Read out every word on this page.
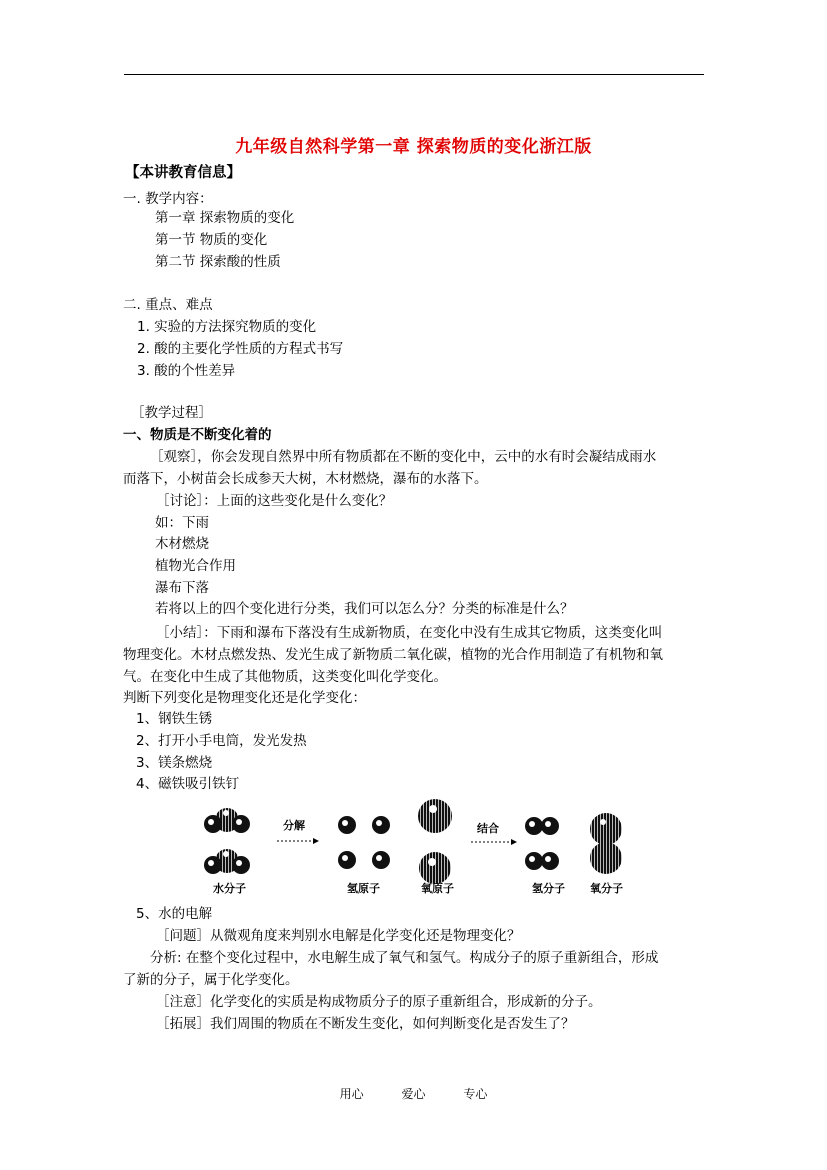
九年级自然科学第一章 探索物质的变化浙江版
【本讲教育信息】
一. 教学内容：
第一章 探索物质的变化
第一节 物质的变化
第二节 探索酸的性质
二. 重点、难点
1. 实验的方法探究物质的变化
2. 酸的主要化学性质的方程式书写
3. 酸的个性差异
［教学过程］
一、物质是不断变化着的
［观察］，你会发现自然界中所有物质都在不断的变化中，云中的水有时会凝结成雨水
而落下，小树苗会长成参天大树，木材燃烧，瀑布的水落下。
［讨论］：上面的这些变化是什么变化？
如：下雨
木材燃烧
植物光合作用
瀑布下落
若将以上的四个变化进行分类，我们可以怎么分？分类的标准是什么？
［小结］：下雨和瀑布下落没有生成新物质，在变化中没有生成其它物质，这类变化叫
物理变化。木材点燃发热、发光生成了新物质二氧化碳，植物的光合作用制造了有机物和氧
气。在变化中生成了其他物质，这类变化叫化学变化。
判断下列变化是物理变化还是化学变化：
1、钢铁生锈
2、打开小手电筒，发光发热
3、镁条燃烧
4、磁铁吸引铁钉
水分子
分解
氢原子	氧原子
结合
氢分子 氧分子
5、水的电解
［问题］从微观角度来判别水电解是化学变化还是物理变化？
分析: 在整个变化过程中，水电解生成了氧气和氢气。构成分子的原子重新组合，形成
了新的分子，属于化学变化。
［注意］化学变化的实质是构成物质分子的原子重新组合，形成新的分子。
［拓展］我们周围的物质在不断发生变化，如何判断变化是否发生了？
用心	爱心	专心
